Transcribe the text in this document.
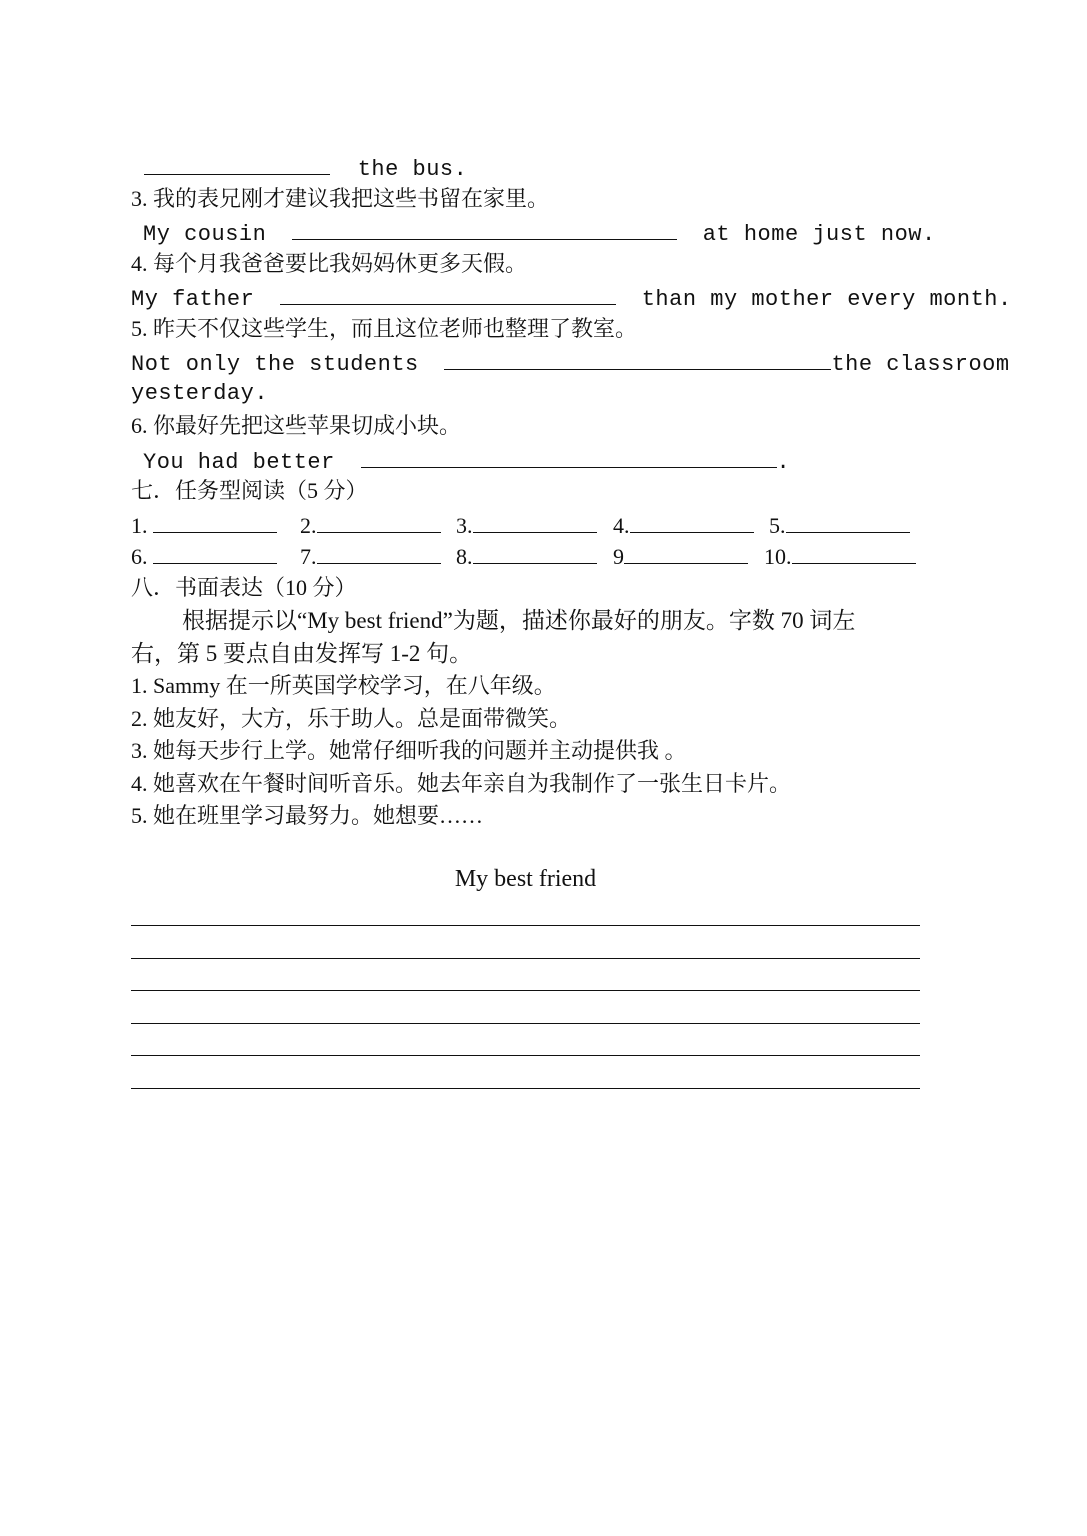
the bus.
3. 我的表兄刚才建议我把这些书留在家里。
My cousin	at home just now.
4. 每个月我爸爸要比我妈妈休更多天假。
My father	than my mother every month.
5. 昨天不仅这些学生，而且这位老师也整理了教室。
Not only the students	the classroom
yesterday.
6. 你最好先把这些苹果切成小块。
You had better	.
七．任务型阅读（5 分）
1.	2.	3.	4.	5.
6.	7.	8.	9	10.
八．书面表达（10 分）
根据提示以“My best friend”为题，描述你最好的朋友。字数 70 词左
右，第 5 要点自由发挥写 1-2 句。
1. Sammy 在一所英国学校学习，在八年级。
2. 她友好，大方，乐于助人。总是面带微笑。
3. 她每天步行上学。她常仔细听我的问题并主动提供我 。
4. 她喜欢在午餐时间听音乐。她去年亲自为我制作了一张生日卡片。
5. 她在班里学习最努力。她想要……
My best friend
